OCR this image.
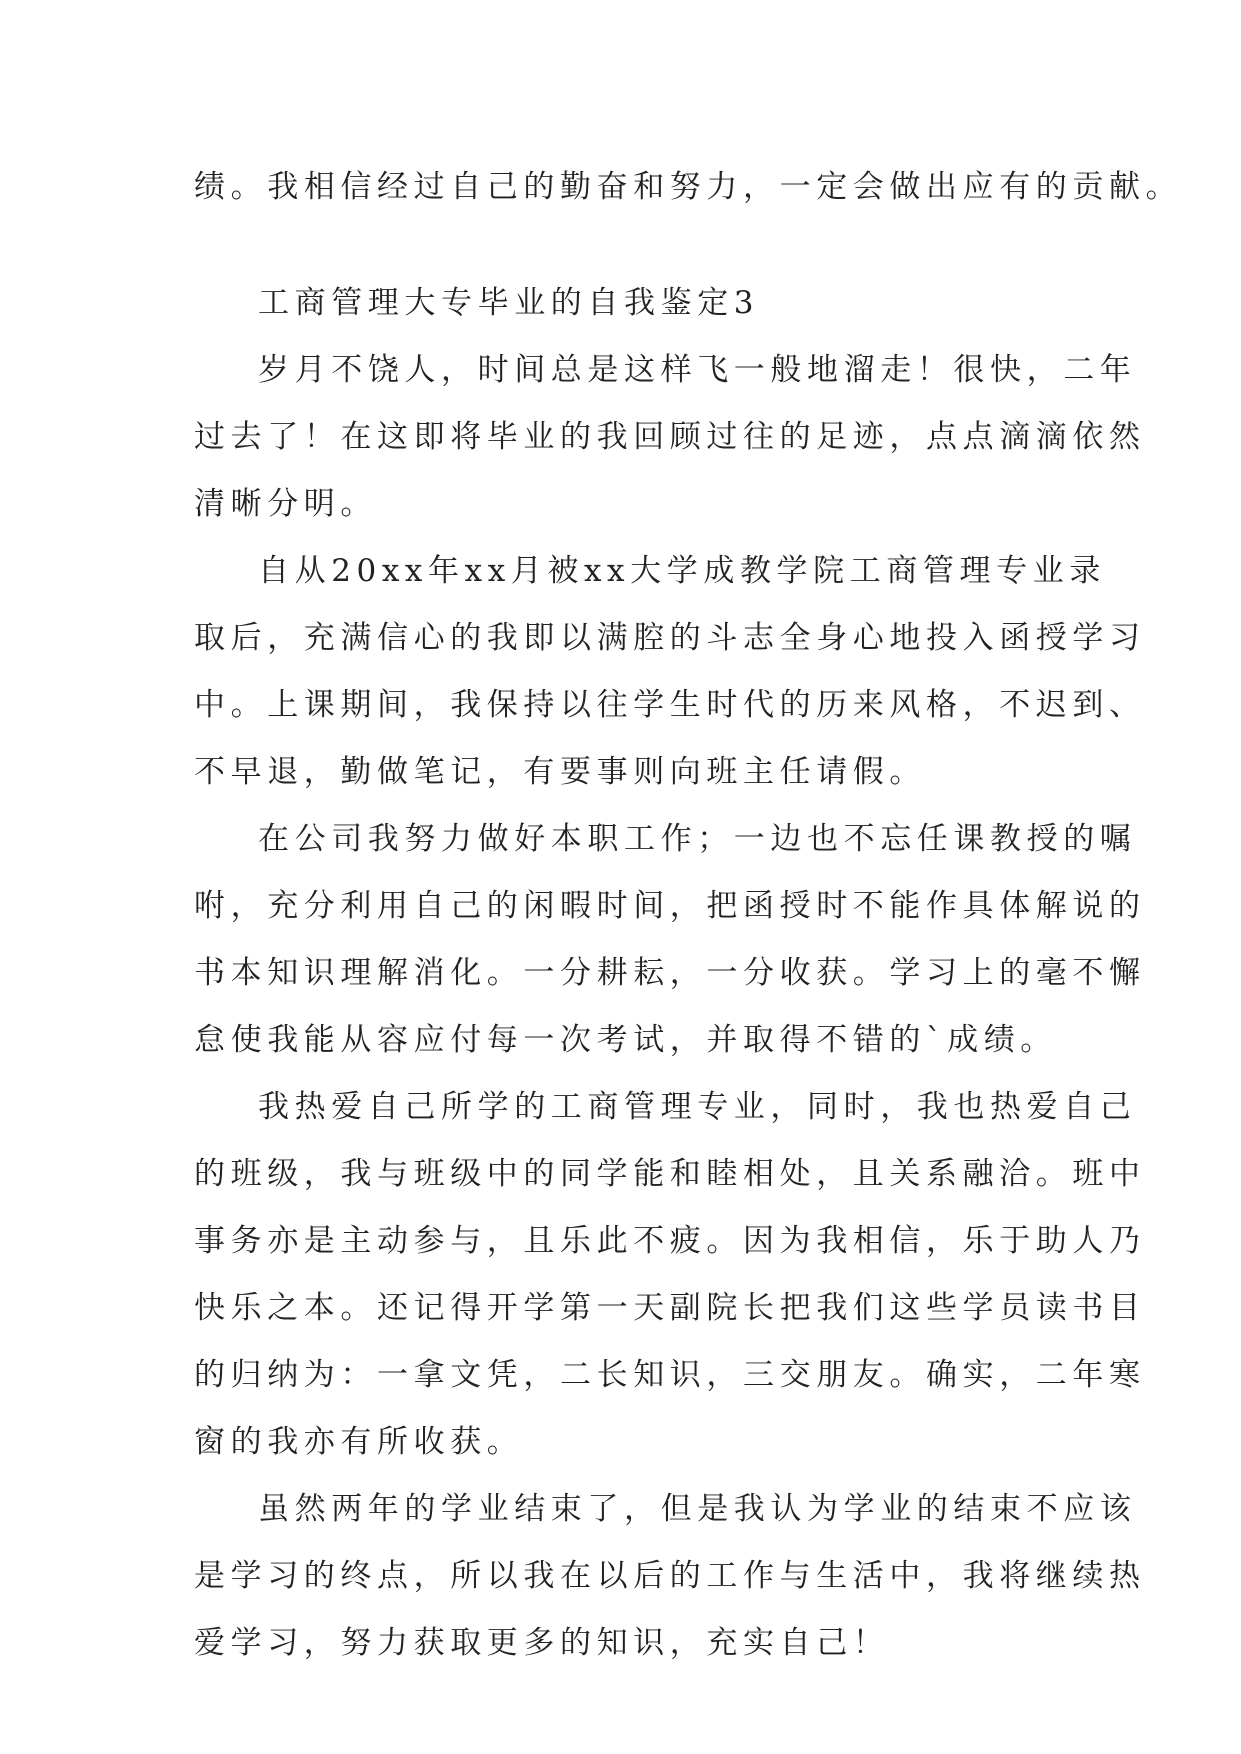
绩。我相信经过自己的勤奋和努力，一定会做出应有的贡献。
工商管理大专毕业的自我鉴定3
岁月不饶人，时间总是这样飞一般地溜走！很快，二年
过去了！在这即将毕业的我回顾过往的足迹，点点滴滴依然
清晰分明。
自从20xx年xx月被xx大学成教学院工商管理专业录
取后，充满信心的我即以满腔的斗志全身心地投入函授学习
中。上课期间，我保持以往学生时代的历来风格，不迟到、
不早退，勤做笔记，有要事则向班主任请假。
在公司我努力做好本职工作；一边也不忘任课教授的嘱
咐，充分利用自己的闲暇时间，把函授时不能作具体解说的
书本知识理解消化。一分耕耘，一分收获。学习上的毫不懈
怠使我能从容应付每一次考试，并取得不错的`成绩。
我热爱自己所学的工商管理专业，同时，我也热爱自己
的班级，我与班级中的同学能和睦相处，且关系融洽。班中
事务亦是主动参与，且乐此不疲。因为我相信，乐于助人乃
快乐之本。还记得开学第一天副院长把我们这些学员读书目
的归纳为：一拿文凭，二长知识，三交朋友。确实，二年寒
窗的我亦有所收获。
虽然两年的学业结束了，但是我认为学业的结束不应该
是学习的终点，所以我在以后的工作与生活中，我将继续热
爱学习，努力获取更多的知识，充实自己！
